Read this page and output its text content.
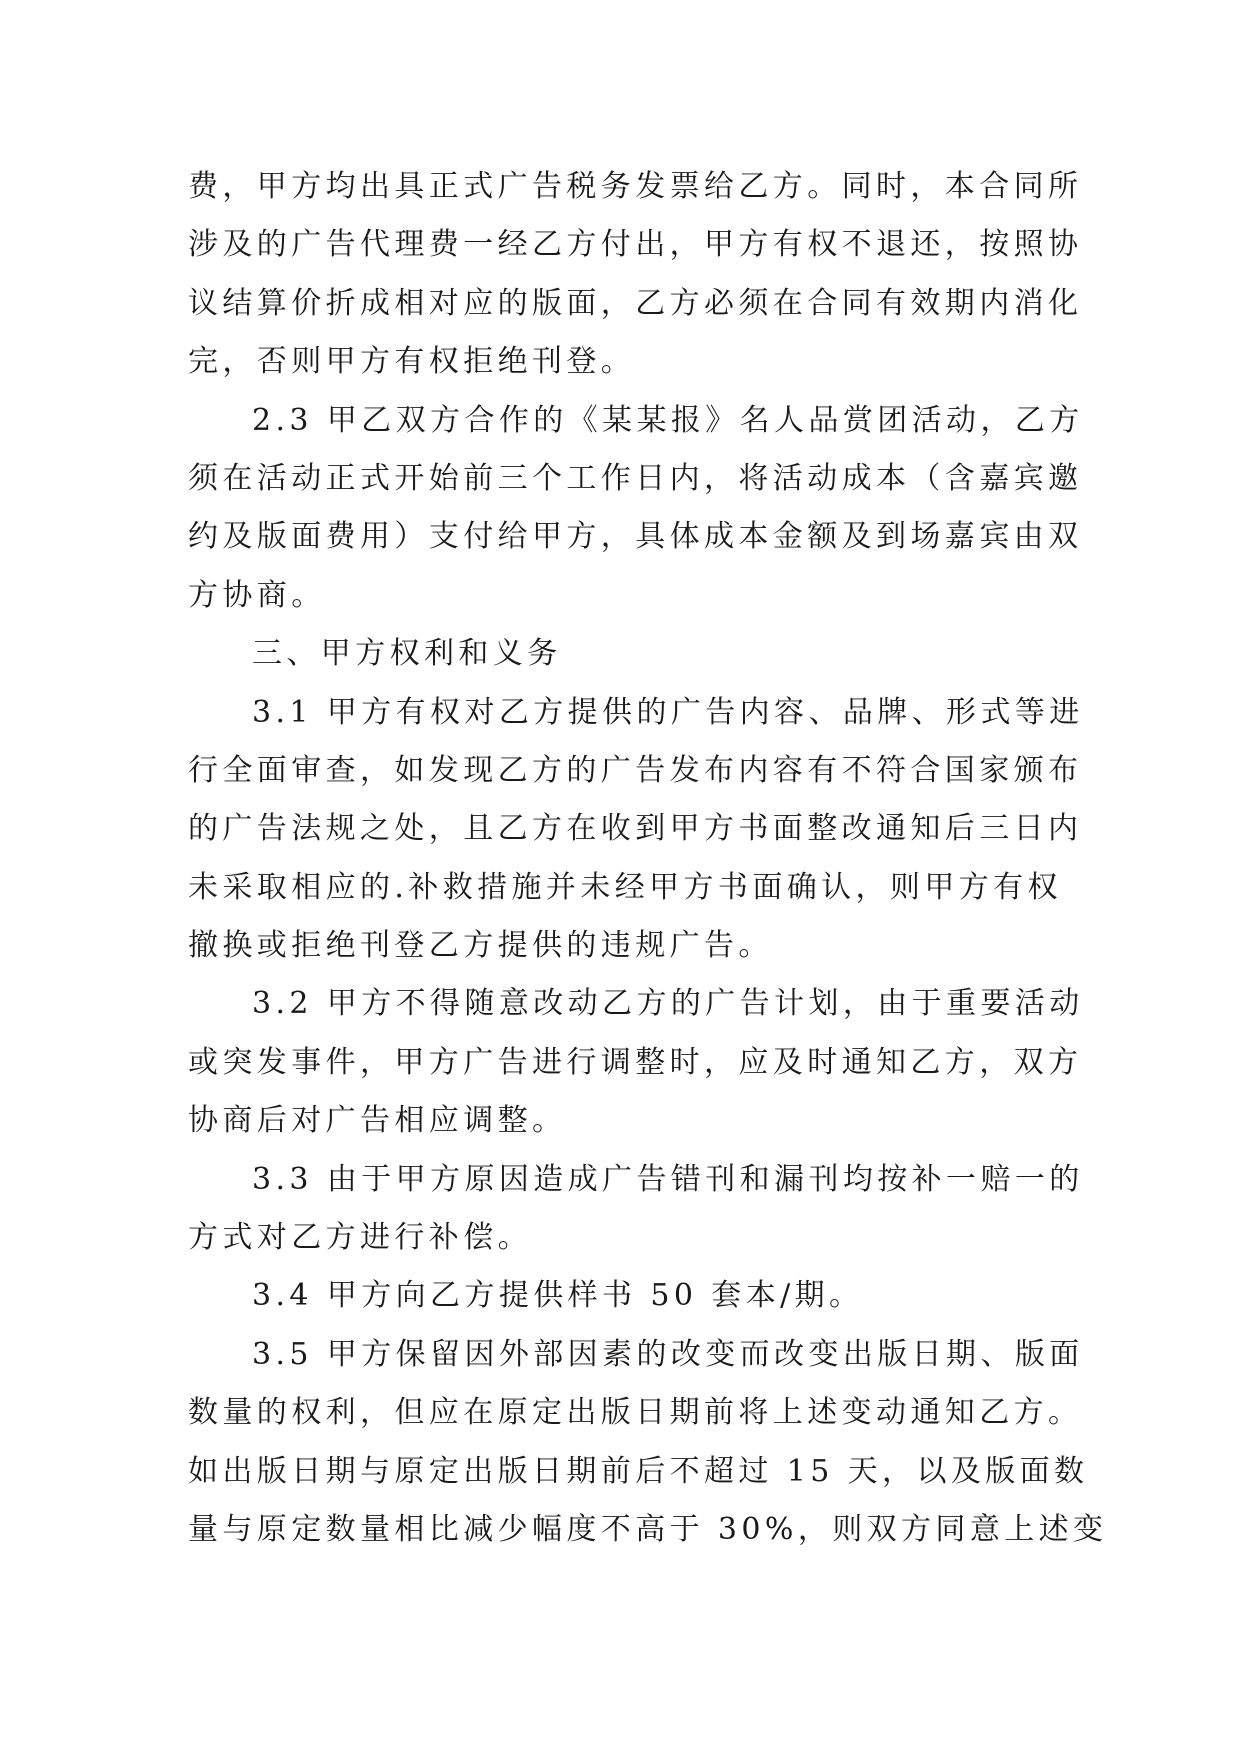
费，甲方均出具正式广告税务发票给乙方。同时，本合同所
涉及的广告代理费一经乙方付出，甲方有权不退还，按照协
议结算价折成相对应的版面，乙方必须在合同有效期内消化
完，否则甲方有权拒绝刊登。
2.3 甲乙双方合作的《某某报》名人品赏团活动，乙方
须在活动正式开始前三个工作日内，将活动成本（含嘉宾邀
约及版面费用）支付给甲方，具体成本金额及到场嘉宾由双
方协商。
三、甲方权利和义务
3.1 甲方有权对乙方提供的广告内容、品牌、形式等进
行全面审查，如发现乙方的广告发布内容有不符合国家颁布
的广告法规之处，且乙方在收到甲方书面整改通知后三日内
未采取相应的.补救措施并未经甲方书面确认，则甲方有权
撤换或拒绝刊登乙方提供的违规广告。
3.2 甲方不得随意改动乙方的广告计划，由于重要活动
或突发事件，甲方广告进行调整时，应及时通知乙方，双方
协商后对广告相应调整。
3.3 由于甲方原因造成广告错刊和漏刊均按补一赔一的
方式对乙方进行补偿。
3.4 甲方向乙方提供样书 50 套本/期。
3.5 甲方保留因外部因素的改变而改变出版日期、版面
数量的权利，但应在原定出版日期前将上述变动通知乙方。
如出版日期与原定出版日期前后不超过 15 天，以及版面数
量与原定数量相比减少幅度不高于 30%，则双方同意上述变
